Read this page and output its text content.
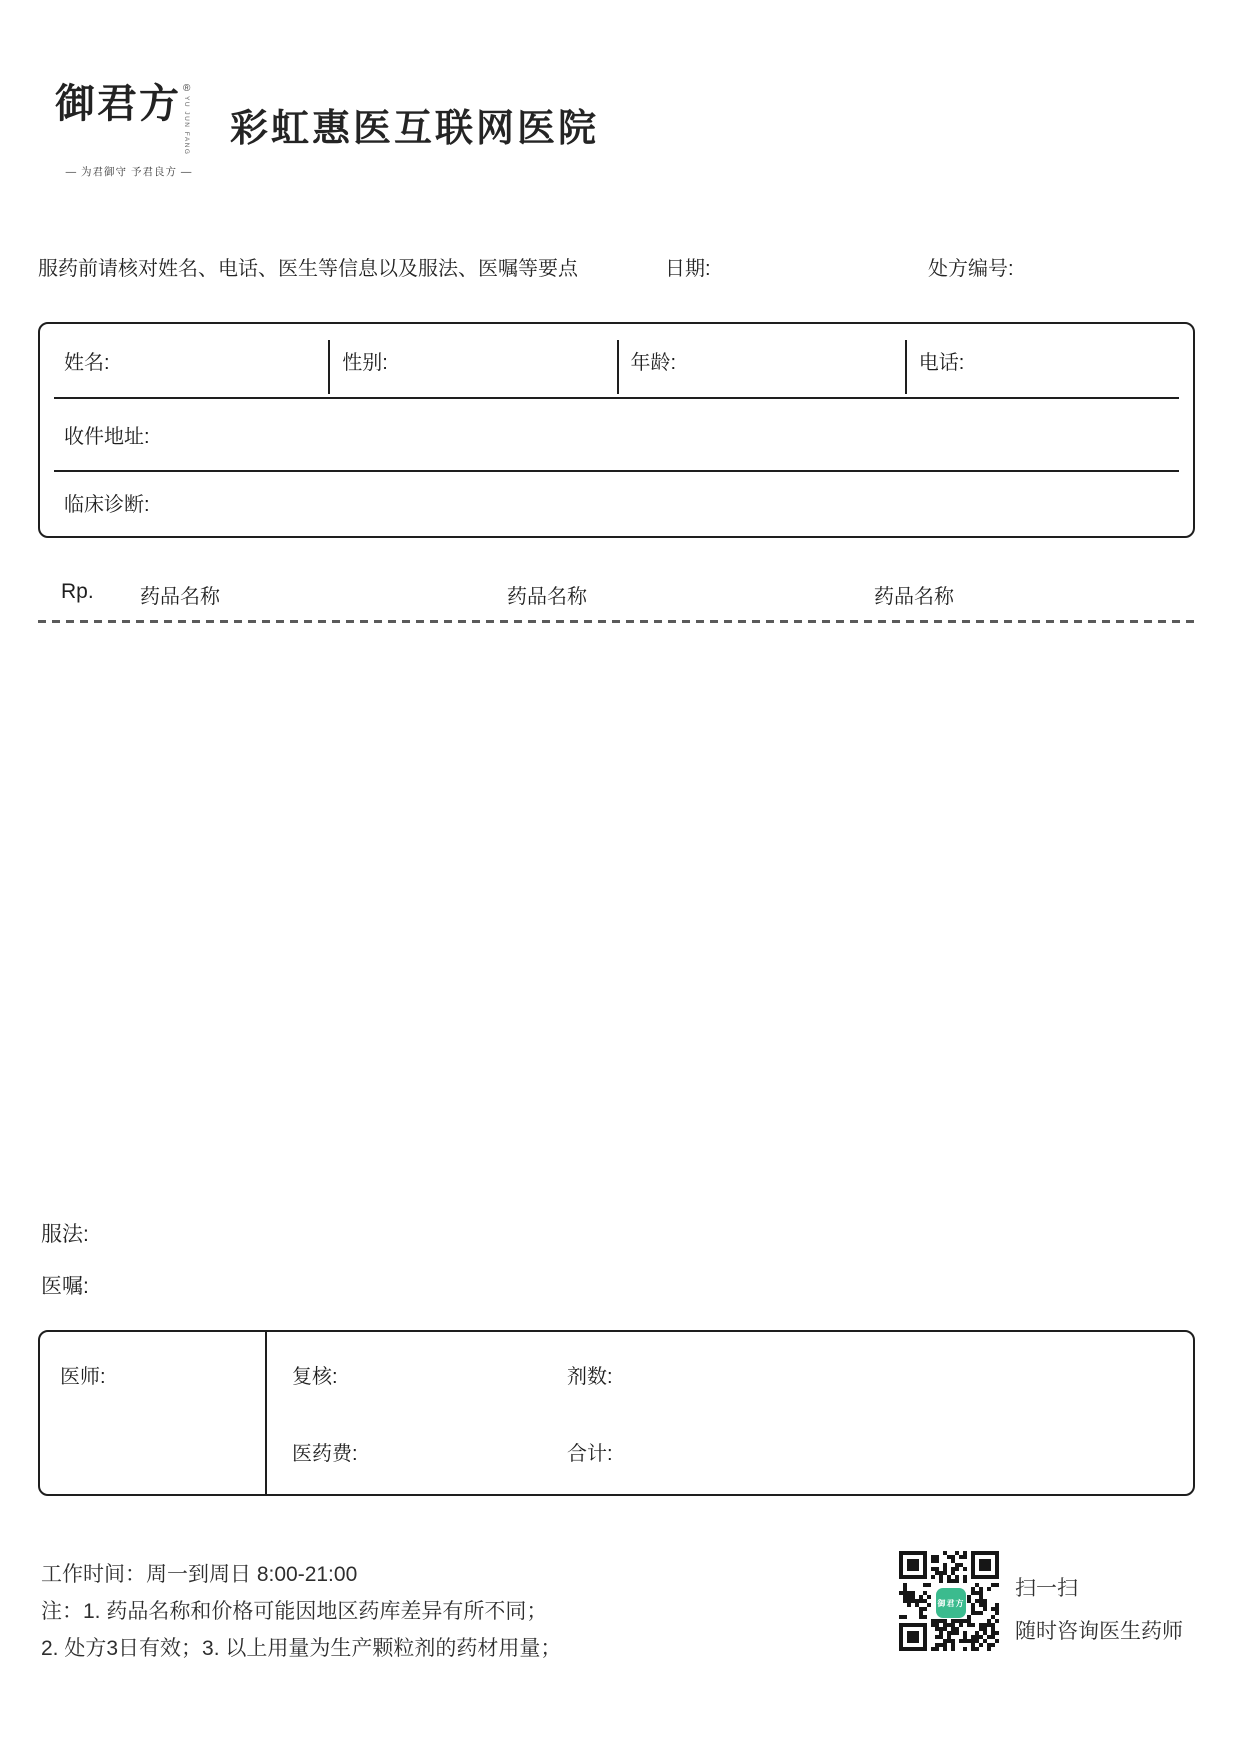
御君方 ®
YU JUN FANG
— 为君御守 予君良方 —
彩虹惠医互联网医院
服药前请核对姓名、电话、医生等信息以及服法、医嘱等要点	日期:	处方编号:
姓名:	性别:	年龄:	电话:
收件地址:
临床诊断:
Rp. 药品名称	药品名称	药品名称
服法:
医嘱:
医师:	复核:	剂数:
医药费:	合计:
工作时间：周一到周日 8:00-21:00
注：1. 药品名称和价格可能因地区药库差异有所不同；
2. 处方3日有效；3. 以上用量为生产颗粒剂的药材用量；
御君方
扫一扫
随时咨询医生药师
